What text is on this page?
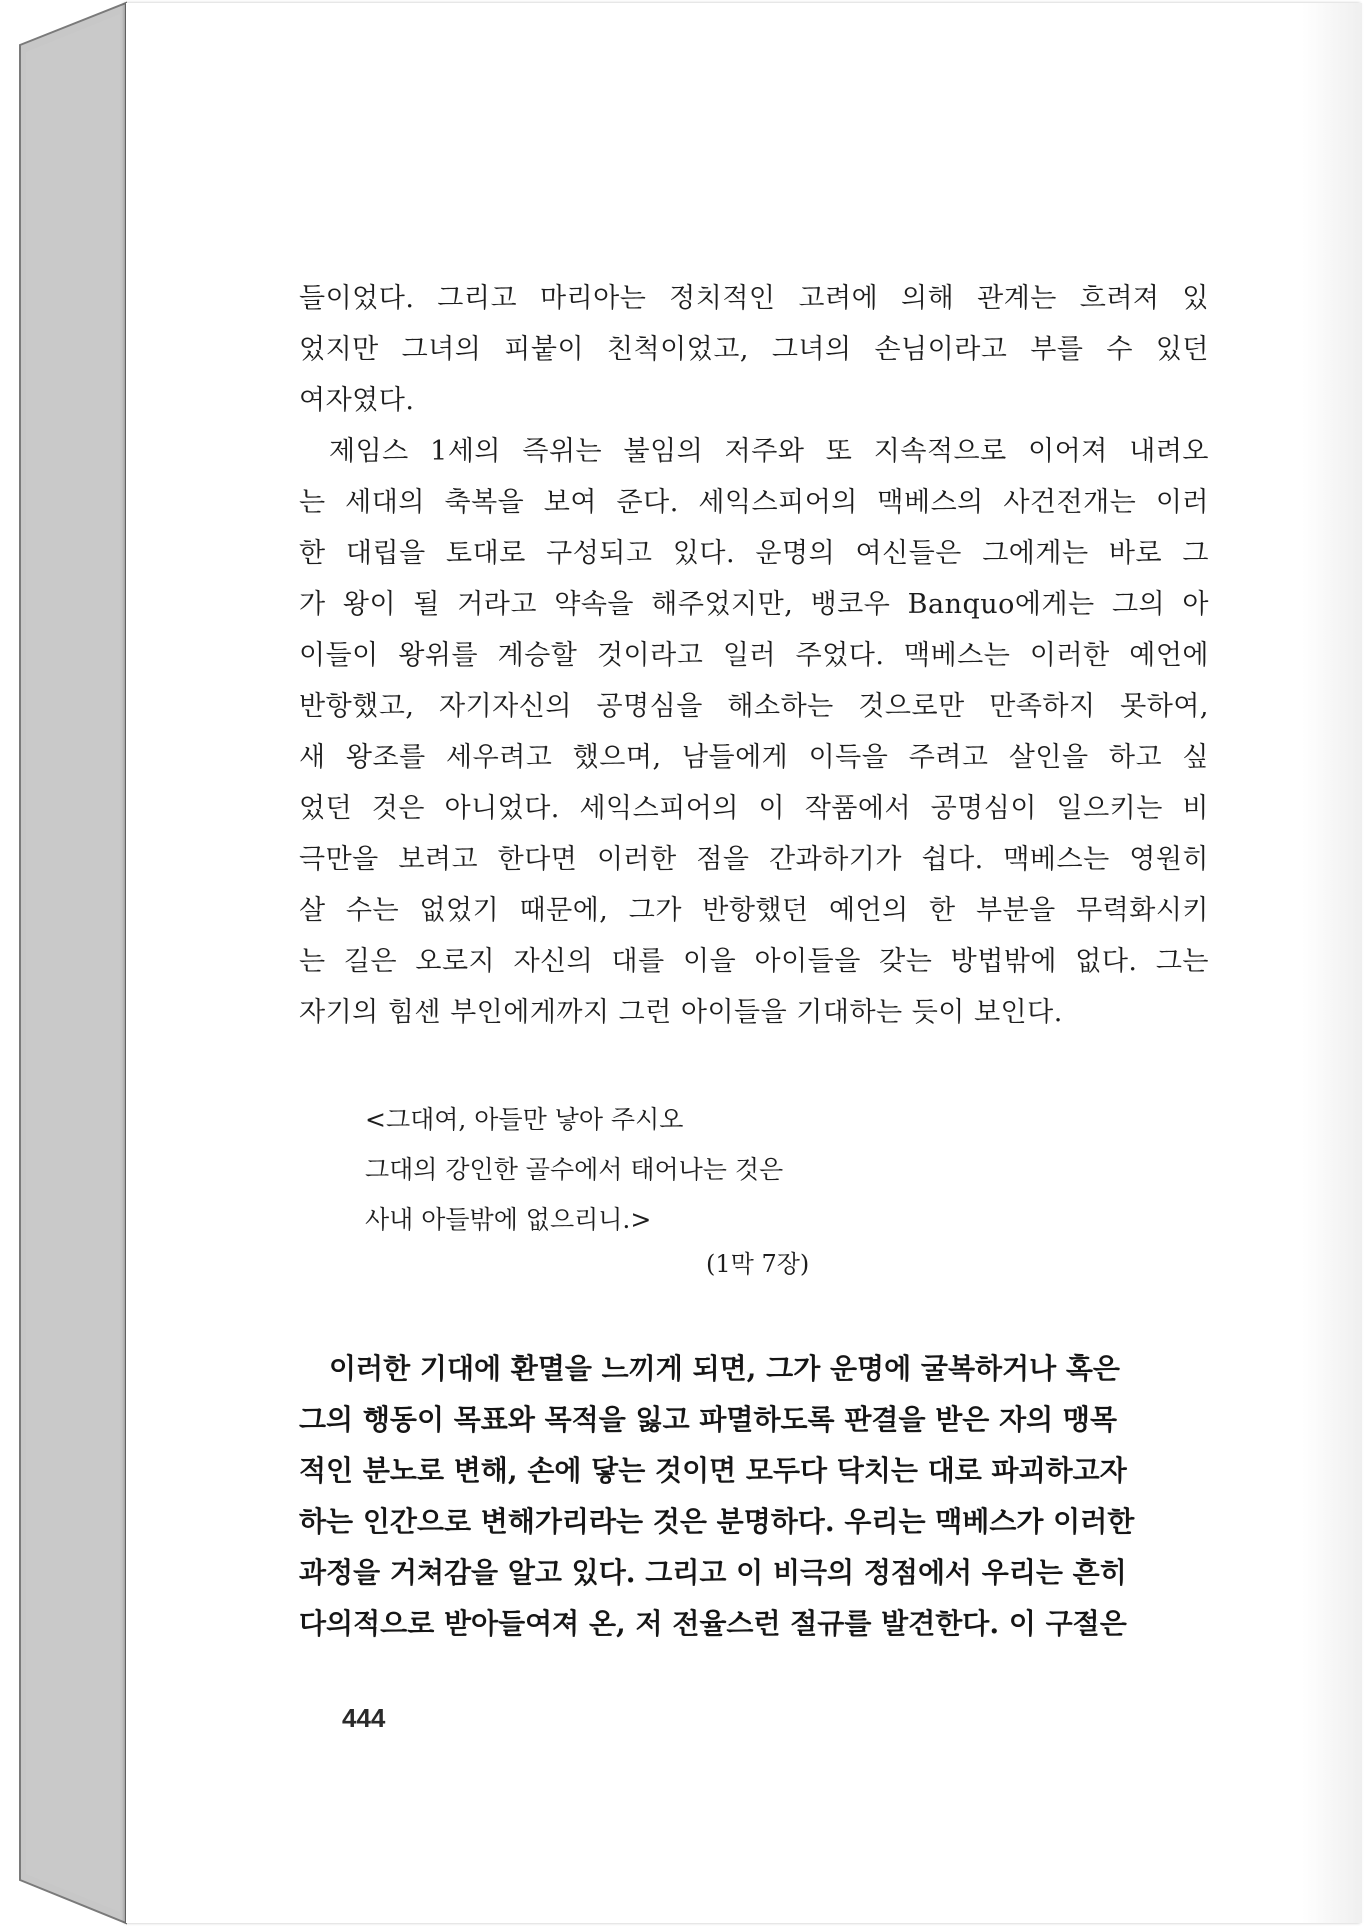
들이었다. 그리고 마리아는 정치적인 고려에 의해 관계는 흐려져 있
었지만 그녀의 피붙이 친척이었고, 그녀의 손님이라고 부를 수 있던
여자였다.
제임스 1세의 즉위는 불임의 저주와 또 지속적으로 이어져 내려오
는 세대의 축복을 보여 준다. 세익스피어의 맥베스의 사건전개는 이러
한 대립을 토대로 구성되고 있다. 운명의 여신들은 그에게는 바로 그
가 왕이 될 거라고 약속을 해주었지만, 뱅코우 Banquo에게는 그의 아
이들이 왕위를 계승할 것이라고 일러 주었다. 맥베스는 이러한 예언에
반항했고, 자기자신의 공명심을 해소하는 것으로만 만족하지 못하여,
새 왕조를 세우려고 했으며, 남들에게 이득을 주려고 살인을 하고 싶
었던 것은 아니었다. 세익스피어의 이 작품에서 공명심이 일으키는 비
극만을 보려고 한다면 이러한 점을 간과하기가 쉽다. 맥베스는 영원히
살 수는 없었기 때문에, 그가 반항했던 예언의 한 부분을 무력화시키
는 길은 오로지 자신의 대를 이을 아이들을 갖는 방법밖에 없다. 그는
자기의 힘센 부인에게까지 그런 아이들을 기대하는 듯이 보인다.
<그대여, 아들만 낳아 주시오
그대의 강인한 골수에서 태어나는 것은
사내 아들밖에 없으리니.>
(1막 7장)
이러한 기대에 환멸을 느끼게 되면, 그가 운명에 굴복하거나 혹은
그의 행동이 목표와 목적을 잃고 파멸하도록 판결을 받은 자의 맹목
적인 분노로 변해, 손에 닿는 것이면 모두다 닥치는 대로 파괴하고자
하는 인간으로 변해가리라는 것은 분명하다. 우리는 맥베스가 이러한
과정을 거쳐감을 알고 있다. 그리고 이 비극의 정점에서 우리는 흔히
다의적으로 받아들여져 온, 저 전율스런 절규를 발견한다. 이 구절은
444
